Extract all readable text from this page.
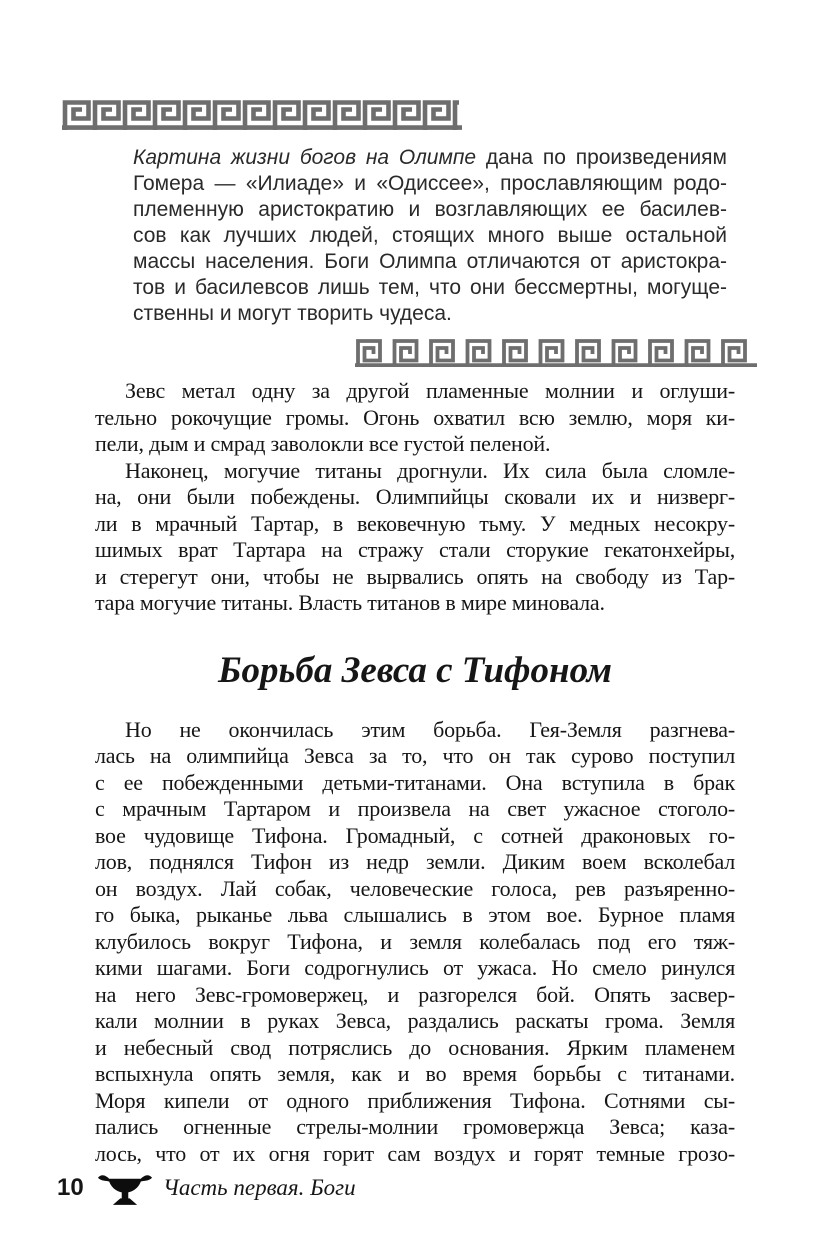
Картина жизни богов на Олимпе дана по произведениям
Гомера — «Илиаде» и «Одиссее», прославляющим родо-
племенную аристократию и возглавляющих ее басилев-
сов как лучших людей, стоящих много выше остальной
массы населения. Боги Олимпа отличаются от аристокра-
тов и басилевсов лишь тем, что они бессмертны, могуще-
ственны и могут творить чудеса.
Зевс метал одну за другой пламенные молнии и оглуши-
тельно рокочущие громы. Огонь охватил всю землю, моря ки-
пели, дым и смрад заволокли все густой пеленой.
Наконец, могучие титаны дрогнули. Их сила была сломле-
на, они были побеждены. Олимпийцы сковали их и низверг-
ли в мрачный Тартар, в вековечную тьму. У медных несокру-
шимых врат Тартара на стражу стали сторукие гекатонхейры,
и стерегут они, чтобы не вырвались опять на свободу из Тар-
тара могучие титаны. Власть титанов в мире миновала.
Борьба Зевса с Тифоном
Но не окончилась этим борьба. Гея-Земля разгнева-
лась на олимпийца Зевса за то, что он так сурово поступил
с ее побежденными детьми-титанами. Она вступила в брак
с мрачным Тартаром и произвела на свет ужасное стоголо-
вое чудовище Тифона. Громадный, с сотней драконовых го-
лов, поднялся Тифон из недр земли. Диким воем всколебал
он воздух. Лай собак, человеческие голоса, рев разъяренно-
го быка, рыканье льва слышались в этом вое. Бурное пламя
клубилось вокруг Тифона, и земля колебалась под его тяж-
кими шагами. Боги содрогнулись от ужаса. Но смело ринулся
на него Зевс-громовержец, и разгорелся бой. Опять засвер-
кали молнии в руках Зевса, раздались раскаты грома. Земля
и небесный свод потряслись до основания. Ярким пламенем
вспыхнула опять земля, как и во время борьбы с титанами.
Моря кипели от одного приближения Тифона. Сотнями сы-
пались огненные стрелы-молнии громовержца Зевса; каза-
лось, что от их огня горит сам воздух и горят темные грозо-
10	Часть первая. Боги
